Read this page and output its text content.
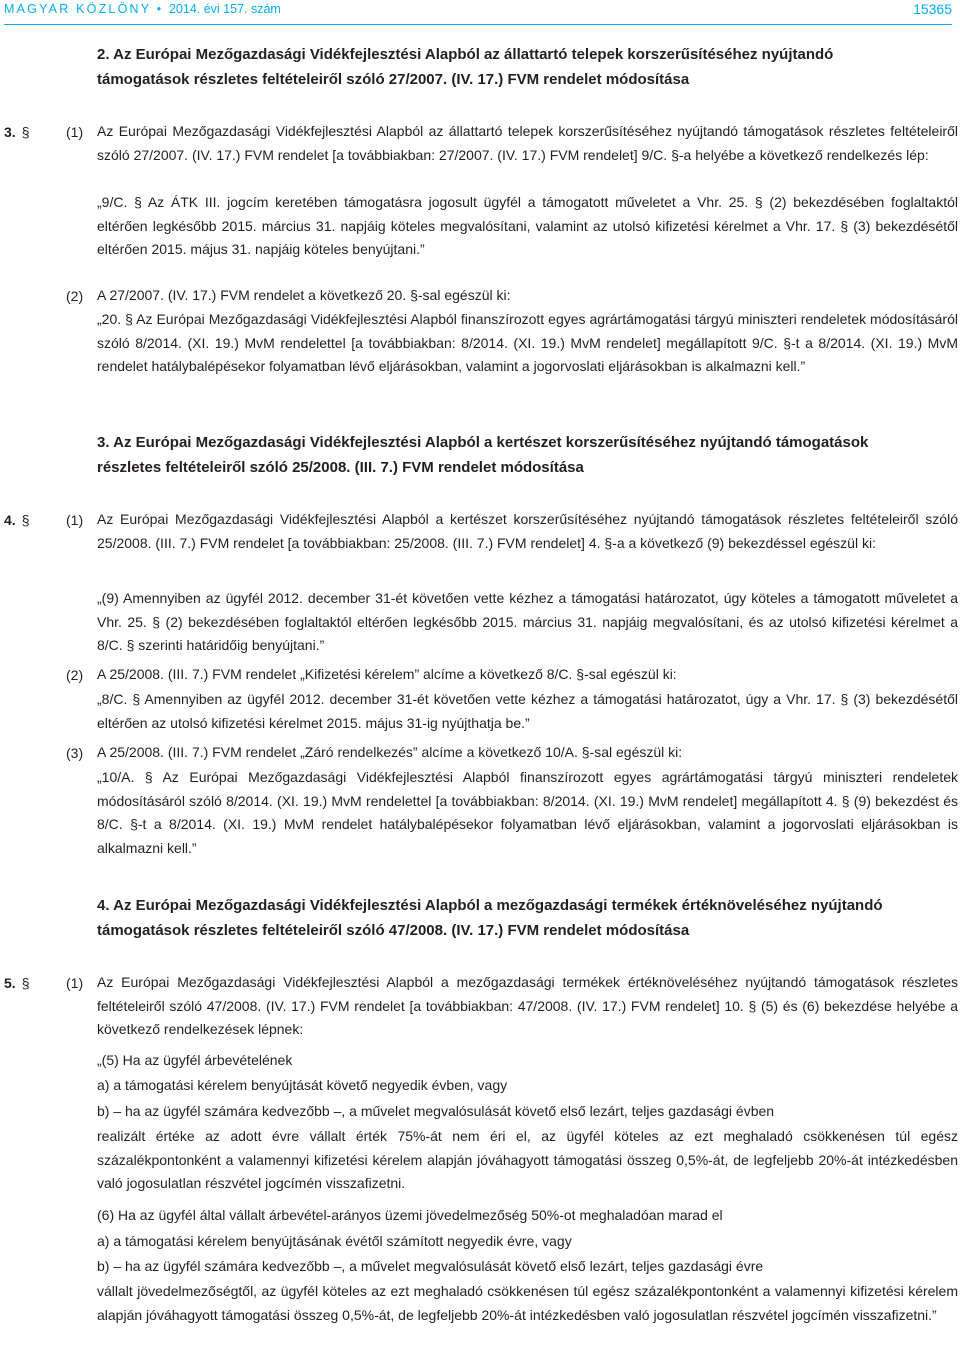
MAGYAR KÖZLÖNY • 2014. évi 157. szám	15365
2. Az Európai Mezőgazdasági Vidékfejlesztési Alapból az állattartó telepek korszerűsítéséhez nyújtandó támogatások részletes feltételeiről szóló 27/2007. (IV. 17.) FVM rendelet módosítása
3. §	(1) Az Európai Mezőgazdasági Vidékfejlesztési Alapból az állattartó telepek korszerűsítéséhez nyújtandó támogatások részletes feltételeiről szóló 27/2007. (IV. 17.) FVM rendelet [a továbbiakban: 27/2007. (IV. 17.) FVM rendelet] 9/C. §-a helyébe a következő rendelkezés lép:

„9/C. § Az ÁTK III. jogcím keretében támogatásra jogosult ügyfél a támogatott műveletet a Vhr. 25. § (2) bekezdésében foglaltaktól eltérően legkésőbb 2015. március 31. napjáig köteles megvalósítani, valamint az utolsó kifizetési kérelmet a Vhr. 17. § (3) bekezdésétől eltérően 2015. május 31. napjáig köteles benyújtani.”

(2) A 27/2007. (IV. 17.) FVM rendelet a következő 20. §-sal egészül ki:

„20. § Az Európai Mezőgazdasági Vidékfejlesztési Alapból finanszírozott egyes agrártámogatási tárgyú miniszteri rendeletek módosításáról szóló 8/2014. (XI. 19.) MvM rendelettel [a továbbiakban: 8/2014. (XI. 19.) MvM rendelet] megállapított 9/C. §-t a 8/2014. (XI. 19.) MvM rendelet hatálybalépésekor folyamatban lévő eljárásokban, valamint a jogorvoslati eljárásokban is alkalmazni kell.”

3. Az Európai Mezőgazdasági Vidékfejlesztési Alapból a kertészet korszerűsítéséhez nyújtandó támogatások részletes feltételeiről szóló 25/2008. (III. 7.) FVM rendelet módosítása
4. §	(1) Az Európai Mezőgazdasági Vidékfejlesztési Alapból a kertészet korszerűsítéséhez nyújtandó támogatások részletes feltételeiről szóló 25/2008. (III. 7.) FVM rendelet [a továbbiakban: 25/2008. (III. 7.) FVM rendelet] 4. §-a a következő (9) bekezdéssel egészül ki:

„(9) Amennyiben az ügyfél 2012. december 31-ét követően vette kézhez a támogatási határozatot, úgy köteles a támogatott műveletet a Vhr. 25. § (2) bekezdésében foglaltaktól eltérően legkésőbb 2015. március 31. napjáig megvalósítani, és az utolsó kifizetési kérelmet a 8/C. § szerinti határidőig benyújtani.”

(2) A 25/2008. (III. 7.) FVM rendelet „Kifizetési kérelem” alcíme a következő 8/C. §-sal egészül ki:

„8/C. § Amennyiben az ügyfél 2012. december 31-ét követően vette kézhez a támogatási határozatot, úgy a Vhr. 17. § (3) bekezdésétől eltérően az utolsó kifizetési kérelmet 2015. május 31-ig nyújthatja be.”

(3) A 25/2008. (III. 7.) FVM rendelet „Záró rendelkezés” alcíme a következő 10/A. §-sal egészül ki:

„10/A. § Az Európai Mezőgazdasági Vidékfejlesztési Alapból finanszírozott egyes agrártámogatási tárgyú miniszteri rendeletek módosításáról szóló 8/2014. (XI. 19.) MvM rendelettel [a továbbiakban: 8/2014. (XI. 19.) MvM rendelet] megállapított 4. § (9) bekezdést és 8/C. §-t a 8/2014. (XI. 19.) MvM rendelet hatálybalépésekor folyamatban lévő eljárásokban, valamint a jogorvoslati eljárásokban is alkalmazni kell.”

4. Az Európai Mezőgazdasági Vidékfejlesztési Alapból a mezőgazdasági termékek értéknöveléséhez nyújtandó támogatások részletes feltételeiről szóló 47/2008. (IV. 17.) FVM rendelet módosítása
5. §	(1) Az Európai Mezőgazdasági Vidékfejlesztési Alapból a mezőgazdasági termékek értéknöveléséhez nyújtandó támogatások részletes feltételeiről szóló 47/2008. (IV. 17.) FVM rendelet [a továbbiakban: 47/2008. (IV. 17.) FVM rendelet] 10. § (5) és (6) bekezdése helyébe a következő rendelkezések lépnek:

„(5) Ha az ügyfél árbevételének

a) a támogatási kérelem benyújtását követő negyedik évben, vagy

b) – ha az ügyfél számára kedvezőbb –, a művelet megvalósulását követő első lezárt, teljes gazdasági évben

realizált értéke az adott évre vállalt érték 75%-át nem éri el, az ügyfél köteles az ezt meghaladó csökkenésen túl egész százalékpontonként a valamennyi kifizetési kérelem alapján jóváhagyott támogatási összeg 0,5%-át, de legfeljebb 20%-át intézkedésben való jogosulatlan részvétel jogcímén visszafizetni.

(6) Ha az ügyfél által vállalt árbevétel-arányos üzemi jövedelmezőség 50%-ot meghaladóan marad el

a) a támogatási kérelem benyújtásának évétől számított negyedik évre, vagy

b) – ha az ügyfél számára kedvezőbb –, a művelet megvalósulását követő első lezárt, teljes gazdasági évre

vállalt jövedelmezőségtől, az ügyfél köteles az ezt meghaladó csökkenésen túl egész százalékpontonként a valamennyi kifizetési kérelem alapján jóváhagyott támogatási összeg 0,5%-át, de legfeljebb 20%-át intézkedésben való jogosulatlan részvétel jogcímén visszafizetni.”
